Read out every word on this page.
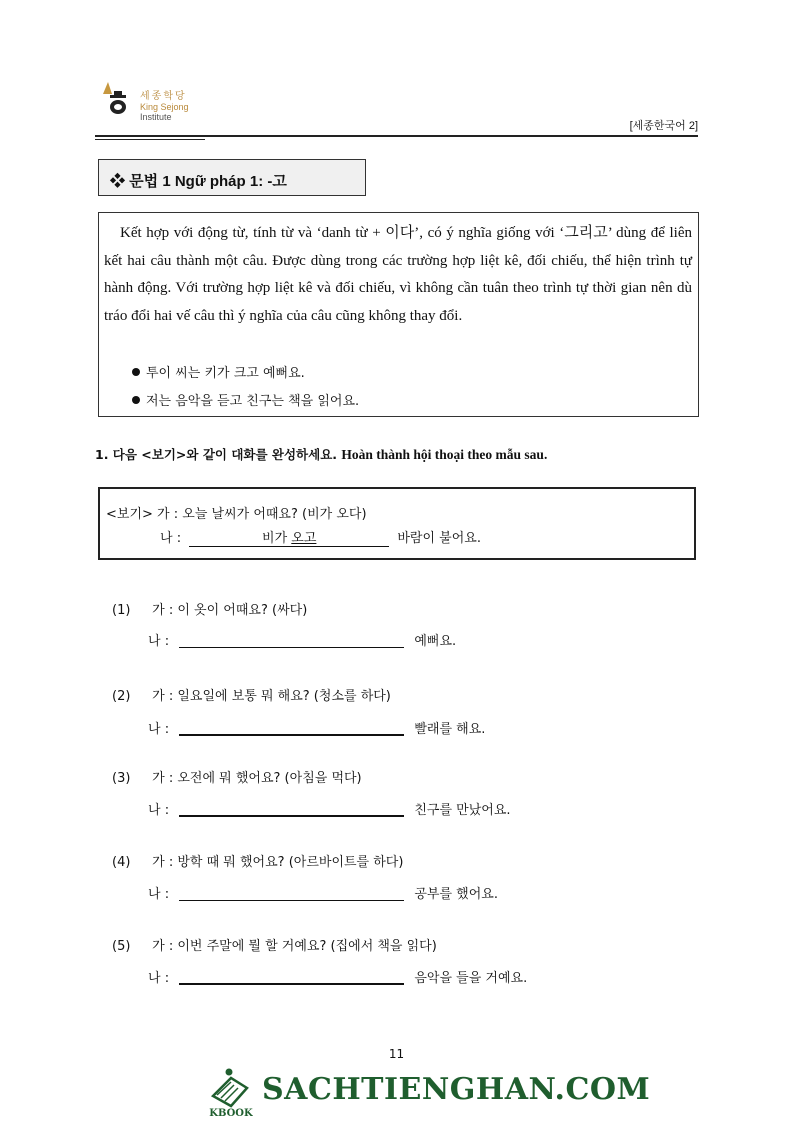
세종학당
King Sejong
Institute
[세종한국어 2]
❖ 문법 1 Ngữ pháp 1: -고
Kết hợp với động từ, tính từ và ‘danh từ + 이다’, có ý nghĩa giống với ‘그리고’ dùng để liên kết hai câu thành một câu. Được dùng trong các trường hợp liệt kê, đối chiếu, thể hiện trình tự hành động. Với trường hợp liệt kê và đối chiếu, vì không cần tuân theo trình tự thời gian nên dù tráo đổi hai vế câu thì ý nghĩa của câu cũng không thay đổi.
투이 씨는 키가 크고 예뻐요.
저는 음악을 듣고 친구는 책을 읽어요.
1. 다음 <보기>와 같이 대화를 완성하세요. Hoàn thành hội thoại theo mẫu sau.
<보기> 가 : 오늘 날씨가 어때요? (비가 오다)
나 :	비가 오고	바람이 불어요.
(1) 가 : 이 옷이 어때요? (싸다)
나 :	예뻐요.
(2) 가 : 일요일에 보통 뭐 해요? (청소를 하다)
나 :	빨래를 해요.
(3) 가 : 오전에 뭐 했어요? (아침을 먹다)
나 :	친구를 만났어요.
(4) 가 : 방학 때 뭐 했어요? (아르바이트를 하다)
나 :	공부를 했어요.
(5) 가 : 이번 주말에 뭘 할 거예요? (집에서 책을 읽다)
나 :	음악을 들을 거예요.
11
KBOOK
SACHTIENGHAN.COM
